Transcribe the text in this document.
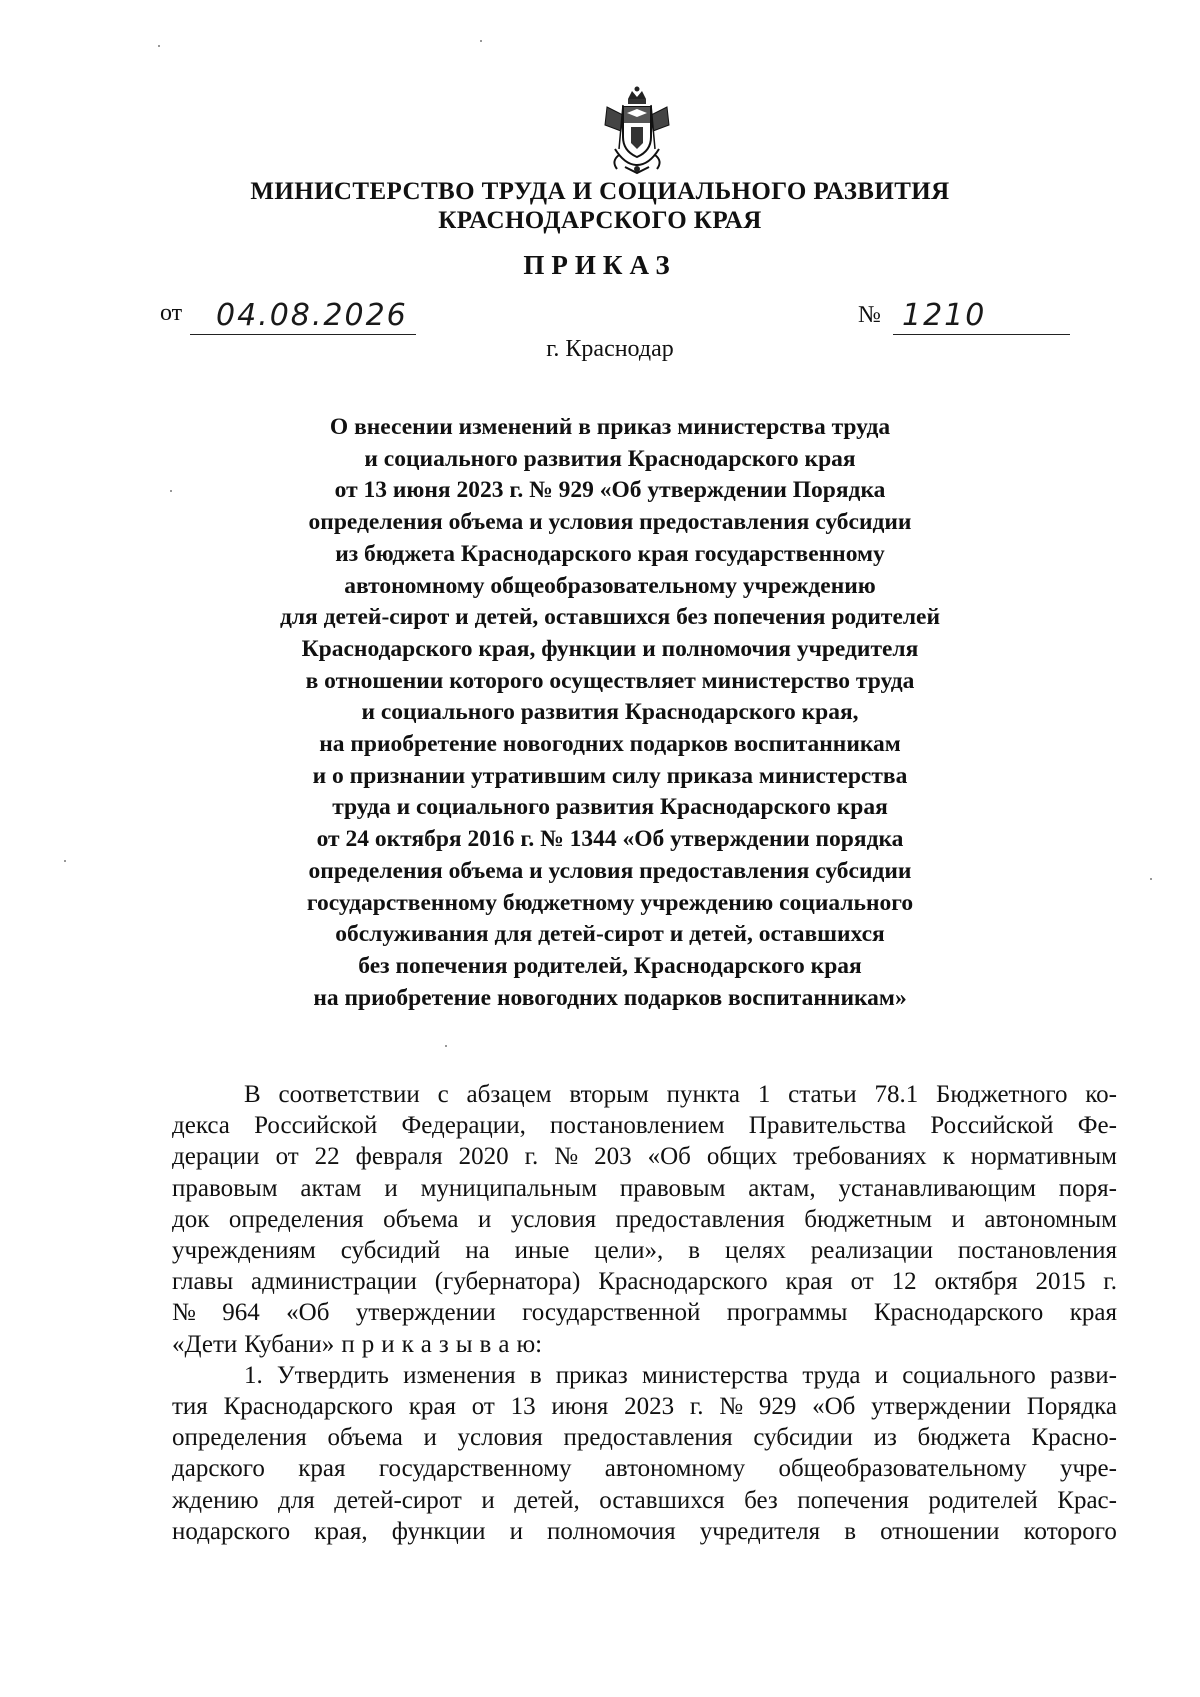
МИНИСТЕРСТВО ТРУДА И СОЦИАЛЬНОГО РАЗВИТИЯ
КРАСНОДАРСКОГО КРАЯ
ПРИКАЗ
от 04.08.2026	№ 1210
г. Краснодар
О внесении изменений в приказ министерства труда
и социального развития Краснодарского края
от 13 июня 2023 г. № 929 «Об утверждении Порядка
определения объема и условия предоставления субсидии
из бюджета Краснодарского края государственному
автономному общеобразовательному учреждению
для детей-сирот и детей, оставшихся без попечения родителей
Краснодарского края, функции и полномочия учредителя
в отношении которого осуществляет министерство труда
и социального развития Краснодарского края,
на приобретение новогодних подарков воспитанникам
и о признании утратившим силу приказа министерства
труда и социального развития Краснодарского края
от 24 октября 2016 г. № 1344 «Об утверждении порядка
определения объема и условия предоставления субсидии
государственному бюджетному учреждению социального
обслуживания для детей-сирот и детей, оставшихся
без попечения родителей, Краснодарского края
на приобретение новогодних подарков воспитанникам»
В соответствии с абзацем вторым пункта 1 статьи 78.1 Бюджетного ко-
декса Российской Федерации, постановлением Правительства Российской Фе-
дерации от 22 февраля 2020 г. № 203 «Об общих требованиях к нормативным
правовым актам и муниципальным правовым актам, устанавливающим поря-
док определения объема и условия предоставления бюджетным и автономным
учреждениям субсидий на иные цели», в целях реализации постановления
главы администрации (губернатора) Краснодарского края от 12 октября 2015 г.
№ 964 «Об утверждении государственной программы Краснодарского края
«Дети Кубани» п р и к а з ы в а ю:
1. Утвердить изменения в приказ министерства труда и социального разви-
тия Краснодарского края от 13 июня 2023 г. № 929 «Об утверждении Порядка
определения объема и условия предоставления субсидии из бюджета Красно-
дарского края государственному автономному общеобразовательному учре-
ждению для детей-сирот и детей, оставшихся без попечения родителей Крас-
нодарского края, функции и полномочия учредителя в отношении которого
